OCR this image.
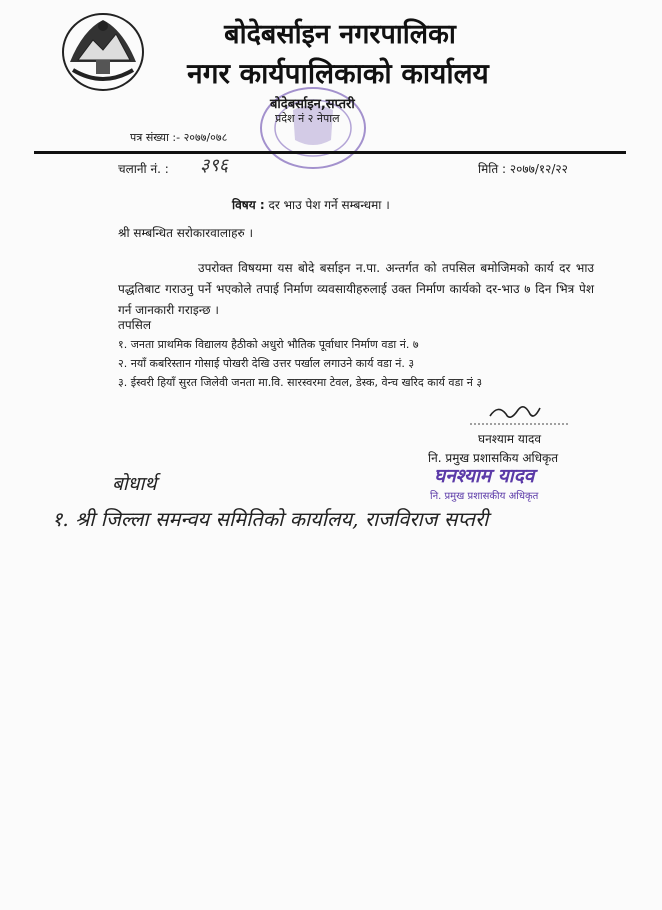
बोदेबर्साइन नगरपालिका
नगर कार्यपालिकाको कार्यालय
बोदेबर्साइन,सप्तरी
प्रदेश नं २ नेपाल
पत्र संख्या :- २०७७/०७८
चलानी नं. : ३९६	मिति : २०७७/१२/२२
विषय : दर भाउ पेश गर्ने सम्बन्धमा ।
श्री सम्बन्धित सरोकारवालाहरु ।
उपरोक्त विषयमा यस बोदे बर्साइन न.पा. अन्तर्गत को तपसिल बमोजिमको कार्य दर भाउ पद्धतिबाट गराउनु पर्ने भएकोले तपाई निर्माण व्यवसायीहरुलाई उक्त निर्माण कार्यको दर-भाउ ७ दिन भित्र पेश गर्न जानकारी गराइन्छ ।
तपसिल
१. जनता प्राथमिक विद्यालय हैठीको अधुरो भौतिक पूर्वाधार निर्माण वडा नं. ७
२. नयाँ कबरिस्तान गोसाई पोखरी देखि उत्तर पर्खाल लगाउने कार्य वडा नं. ३
३. ईस्वरी हियाँ सुरत जिलेवी जनता मा.वि. सारस्वरमा टेवल, डेस्क, वेन्च खरिद कार्य वडा नं ३
घनश्याम यादव
नि. प्रमुख प्रशासकिय अधिकृत
घनश्याम यादव
नि. प्रमुख प्रशासकीय अधिकृत
बोधार्थ
१. श्री जिल्ला समन्वय समितिको कार्यालय, राजविराज सप्तरी
